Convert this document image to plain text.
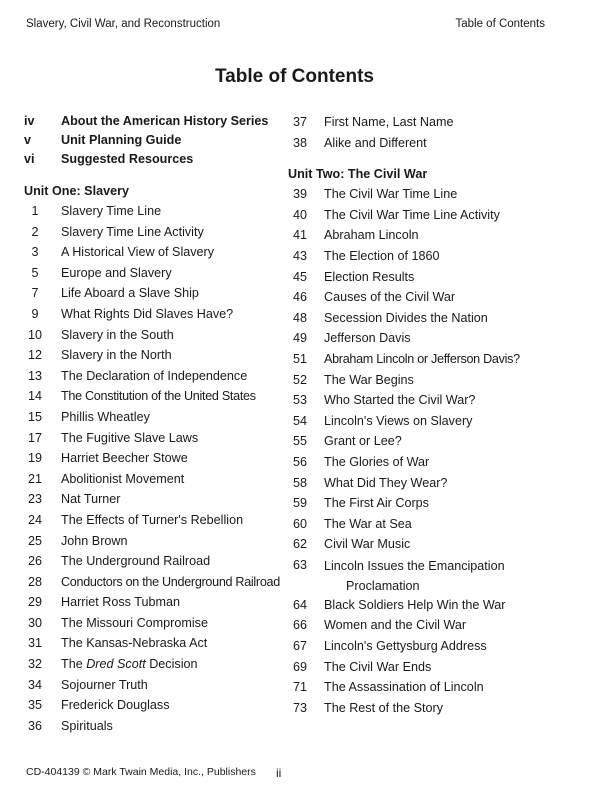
Slavery, Civil War, and Reconstruction	Table of Contents
Table of Contents
iv	About the American History Series
v	Unit Planning Guide
vi	Suggested Resources
Unit One: Slavery
1	Slavery Time Line
2	Slavery Time Line Activity
3	A Historical View of Slavery
5	Europe and Slavery
7	Life Aboard a Slave Ship
9	What Rights Did Slaves Have?
10	Slavery in the South
12	Slavery in the North
13	The Declaration of Independence
14	The Constitution of the United States
15	Phillis Wheatley
17	The Fugitive Slave Laws
19	Harriet Beecher Stowe
21	Abolitionist Movement
23	Nat Turner
24	The Effects of Turner's Rebellion
25	John Brown
26	The Underground Railroad
28	Conductors on the Underground Railroad
29	Harriet Ross Tubman
30	The Missouri Compromise
31	The Kansas-Nebraska Act
32	The Dred Scott Decision
34	Sojourner Truth
35	Frederick Douglass
36	Spirituals
37	First Name, Last Name
38	Alike and Different
Unit Two: The Civil War
39	The Civil War Time Line
40	The Civil War Time Line Activity
41	Abraham Lincoln
43	The Election of 1860
45	Election Results
46	Causes of the Civil War
48	Secession Divides the Nation
49	Jefferson Davis
51	Abraham Lincoln or Jefferson Davis?
52	The War Begins
53	Who Started the Civil War?
54	Lincoln's Views on Slavery
55	Grant or Lee?
56	The Glories of War
58	What Did They Wear?
59	The First Air Corps
60	The War at Sea
62	Civil War Music
63	Lincoln Issues the Emancipation
Proclamation
64	Black Soldiers Help Win the War
66	Women and the Civil War
67	Lincoln's Gettysburg Address
69	The Civil War Ends
71	The Assassination of Lincoln
73	The Rest of the Story
CD-404139 © Mark Twain Media, Inc., Publishers ii
